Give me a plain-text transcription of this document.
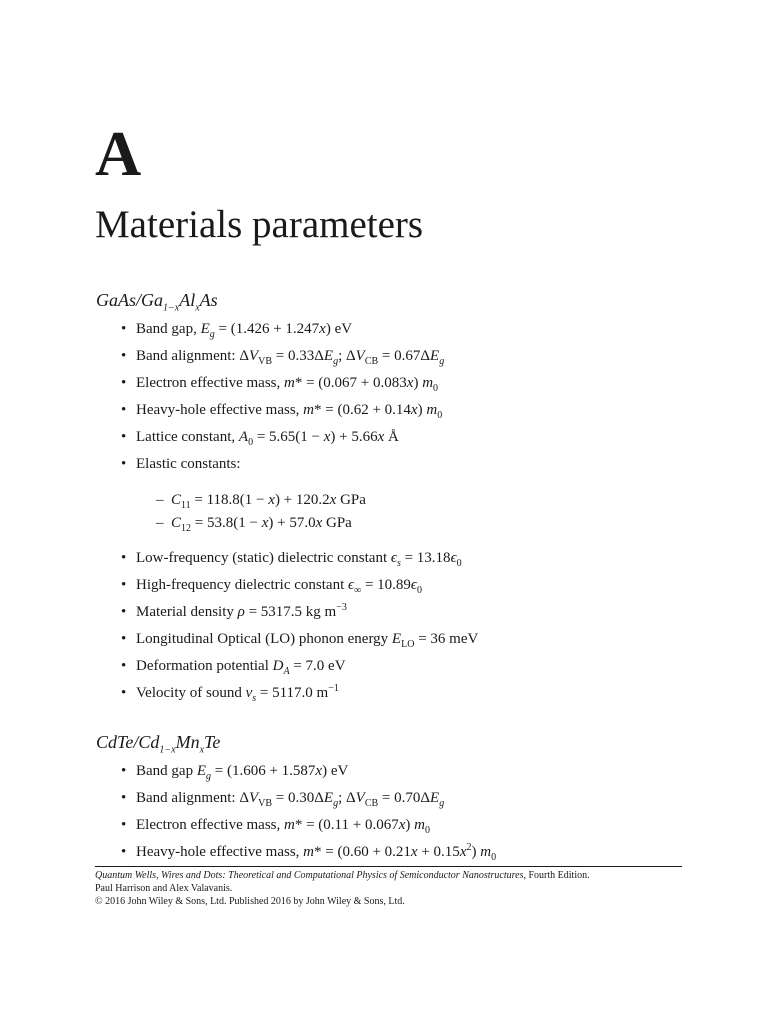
A
Materials parameters
GaAs/$Ga_{1-x}Al_xAs$
• Band gap, $E_g = (1.426 + 1.247x)$ eV
• Band alignment: $\Delta V_{VB} = 0.33\Delta E_g$; $\Delta V_{CB} = 0.67\Delta E_g$
• Electron effective mass, m* = (0.067 + 0.083x) $m_0$
• Heavy-hole effective mass, m* = (0.62 + 0.14x) $m_0$
• Lattice constant, $A_0 = 5.65(1 - x) + 5.66x$ Å
• Elastic constants:
– $C_{11} = 118.8(1 - x) + 120.2x$ GPa
– $C_{12} = 53.8(1 - x) + 57.0x$ GPa
• Low-frequency (static) dielectric constant $\epsilon_s = 13.18\epsilon_0$
• High-frequency dielectric constant $\epsilon_\infty = 10.89\epsilon_0$
• Material density ρ = 5317.5 kg $m^{-3}$
• Longitudinal Optical (LO) phonon energy $E_{LO} = 36$ meV
• Deformation potential $D_A = 7.0$ eV
• Velocity of sound $v_s = 5117.0$ $m^{-1}$
CdTe/$Cd_{1-x}Mn_xTe$
• Band gap $E_g = (1.606 + 1.587x)$ eV
• Band alignment: $\Delta V_{VB} = 0.30\Delta E_g$; $\Delta V_{CB} = 0.70\Delta E_g$
• Electron effective mass, m* = (0.11 + 0.067x) $m_0$
• Heavy-hole effective mass, $m* = (0.60 + 0.21x + 0.15x^2)$ $m_0$
Quantum Wells, Wires and Dots: Theoretical and Computational Physics of Semiconductor Nanostructures, Fourth Edition.
Paul Harrison and Alex Valavanis.
© 2016 John Wiley & Sons, Ltd. Published 2016 by John Wiley & Sons, Ltd.
